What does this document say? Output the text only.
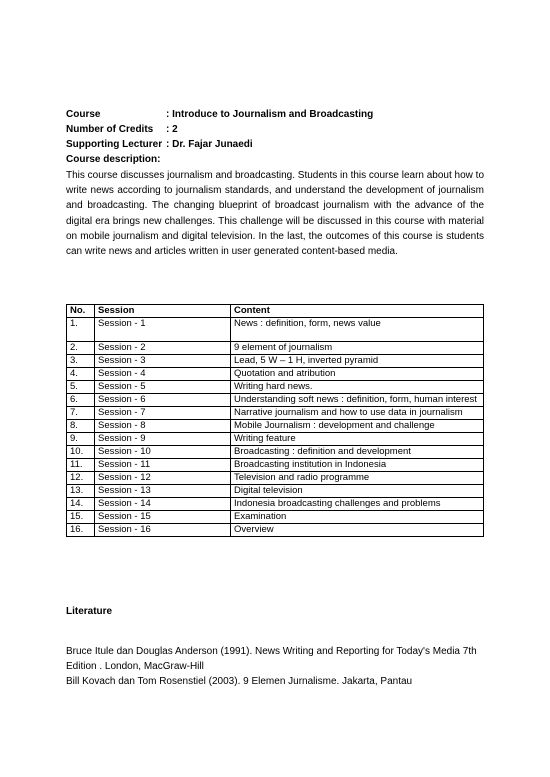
Course	: Introduce to Journalism and Broadcasting
Number of Credits	: 2
Supporting Lecturer : Dr. Fajar Junaedi
Course description:

This course discusses journalism and broadcasting. Students in this course learn about how to write news according to journalism standards, and understand the development of journalism and broadcasting. The changing blueprint of broadcast journalism with the advance of the digital era brings new challenges. This challenge will be discussed in this course with material on mobile journalism and digital television. In the last, the outcomes of this course is students can write news and articles written in user generated content-based media.

No.	Session	Content
1.	Session - 1	News : definition, form, news value
2.	Session - 2	9 element of journalism
3.	Session - 3	Lead, 5 W – 1 H, inverted pyramid
4.	Session - 4	Quotation and atribution
5.	Session - 5	Writing hard news.
6.	Session - 6	Understanding soft news : definition, form, human interest
7.	Session - 7	Narrative journalism and how to use data in journalism
8.	Session - 8	Mobile Journalism : development and challenge
9.	Session - 9	Writing feature
10.	Session - 10	Broadcasting : definition and development
11.	Session - 11	Broadcasting institution in Indonesia
12.	Session - 12	Television and radio programme
13.	Session - 13	Digital television
14.	Session - 14	Indonesia broadcasting challenges and problems
15.	Session - 15	Examination
16.	Session - 16	Overview
Literature
Bruce Itule dan Douglas Anderson (1991). News Writing and Reporting for Today's Media 7th Edition . London, MacGraw-Hill
Bill Kovach dan Tom Rosenstiel (2003). 9 Elemen Jurnalisme. Jakarta, Pantau
